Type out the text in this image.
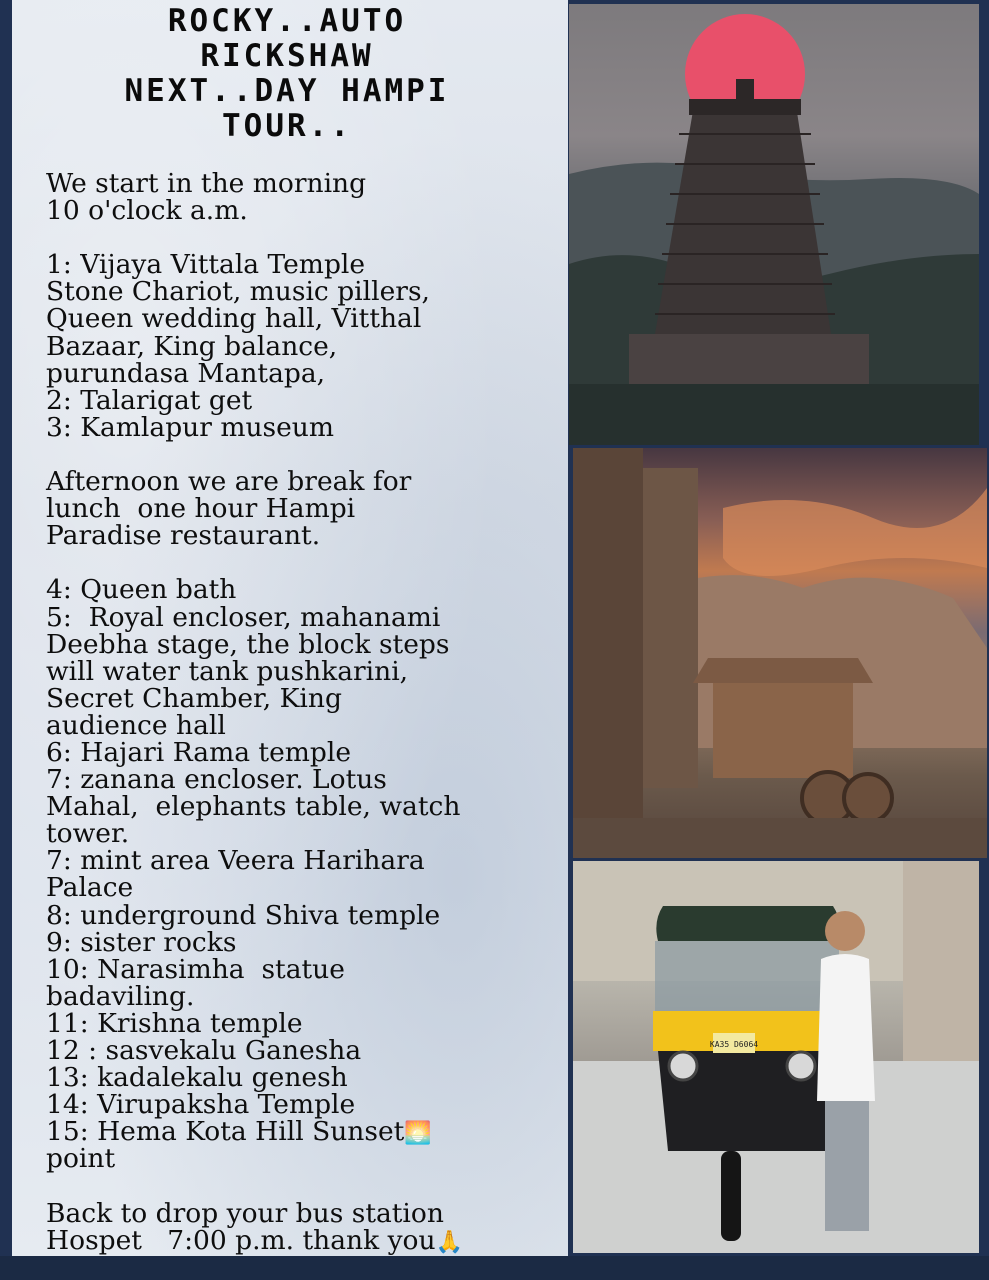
ROCKY..AUTO
RICKSHAW
NEXT..DAY HAMPI
TOUR..
We start in the morning
10 o'clock a.m.
1: Vijaya Vittala Temple
Stone Chariot, music pillers,
Queen wedding hall, Vitthal
Bazaar, King balance,
purundasa Mantapa,
2: Talarigat get
3: Kamlapur museum
Afternoon we are break for
lunch  one hour Hampi
Paradise restaurant.
4: Queen bath
5:  Royal encloser, mahanami
Deebha stage, the block steps
will water tank pushkarini,
Secret Chamber, King
audience hall
6: Hajari Rama temple
7: zanana encloser. Lotus
Mahal,  elephants table, watch
tower.
7: mint area Veera Harihara
Palace
8: underground Shiva temple
9: sister rocks
10: Narasimha  statue
badaviling.
11: Krishna temple
12 : sasvekalu Ganesha
13: kadalekalu genesh
14: Virupaksha Temple
15: Hema Kota Hill Sunset🌅
point
Back to drop your bus station
Hospet   7:00 p.m. thank you🙏
KA35 D6064
